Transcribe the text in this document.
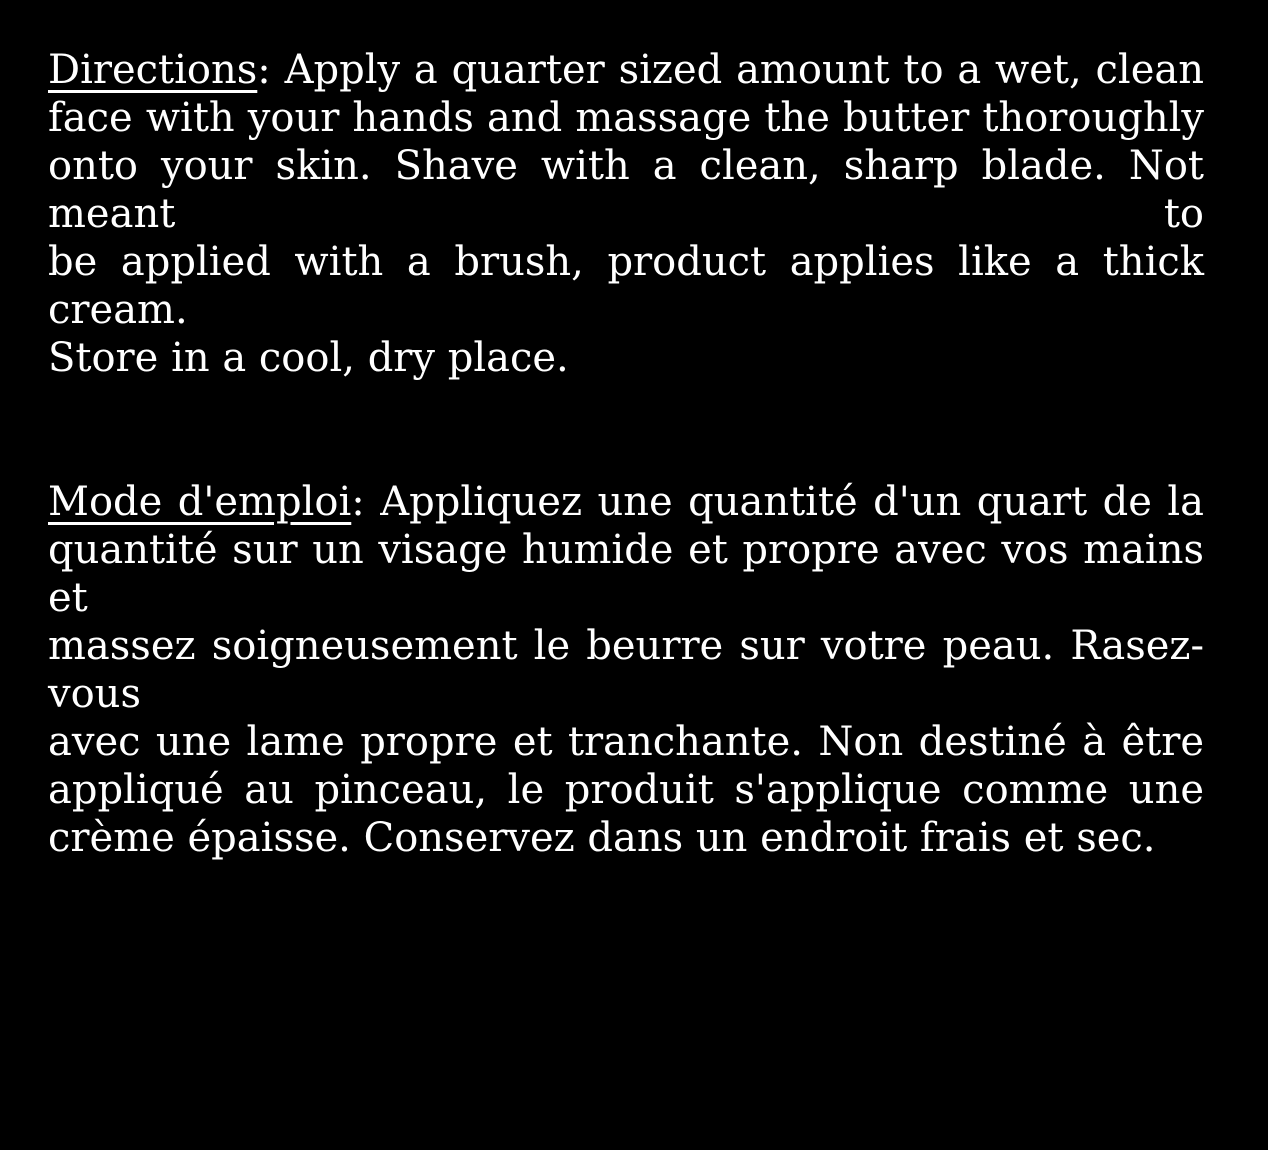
Directions: Apply a quarter sized amount to a wet, clean
face with your hands and massage the butter thoroughly
onto your skin. Shave with a clean, sharp blade. Not meant to
be applied with a brush, product applies like a thick cream.
Store in a cool, dry place.
Mode d'emploi: Appliquez une quantité d'un quart de la
quantité sur un visage humide et propre avec vos mains et
massez soigneusement le beurre sur votre peau. Rasez-vous
avec une lame propre et tranchante. Non destiné à être
appliqué au pinceau, le produit s'applique comme une
crème épaisse. Conservez dans un endroit frais et sec.
